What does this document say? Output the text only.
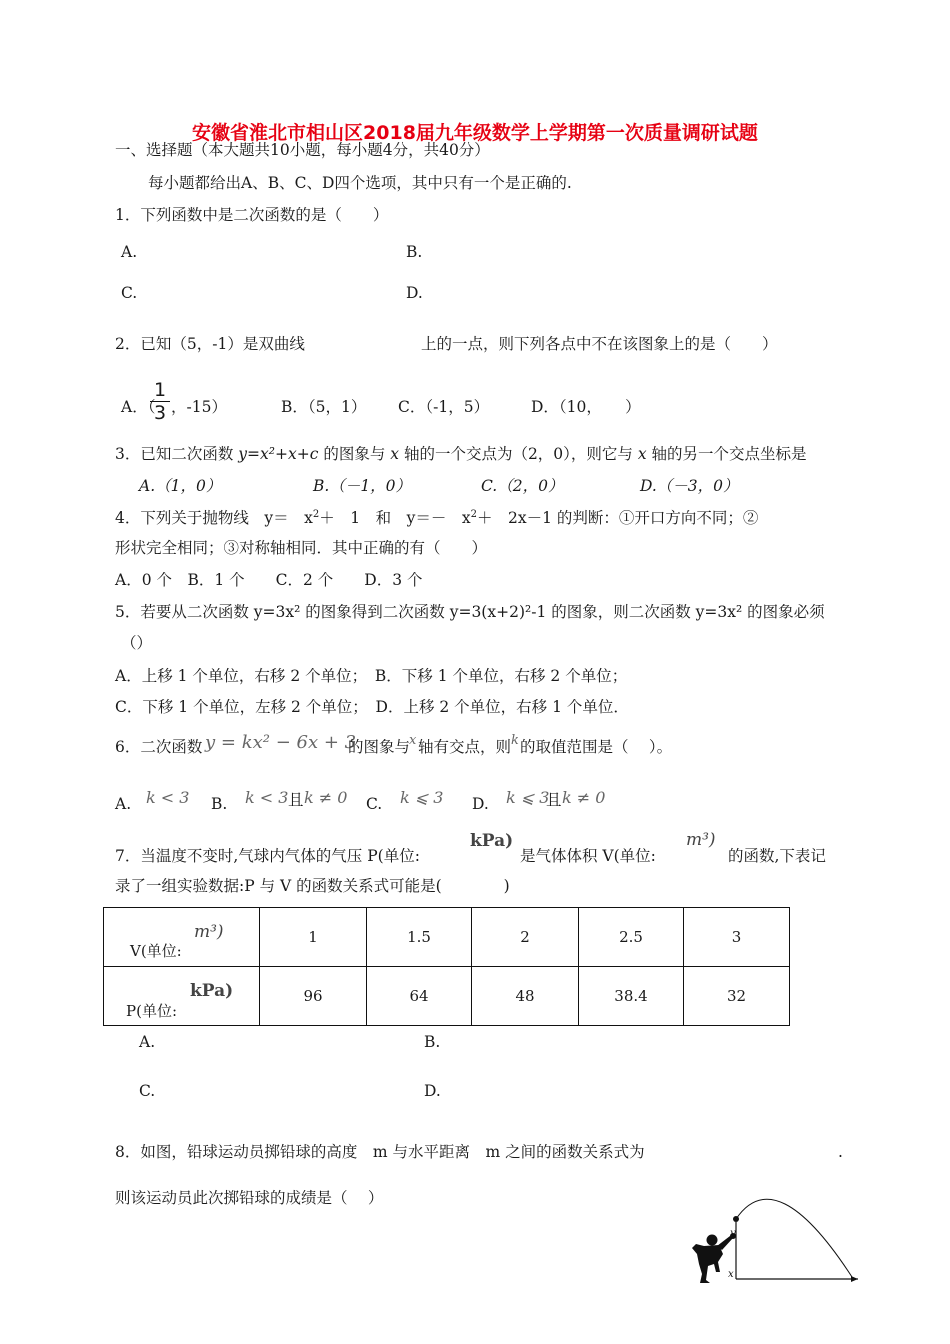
安徽省淮北市相山区2018届九年级数学上学期第一次质量调研试题
一、选择题（本大题共10小题，每小题4分，共40分）
每小题都给出A、B、C、D四个选项，其中只有一个是正确的.
1．下列函数中是二次函数的是（　　）
A.	B.
C.	D.
2．已知（5，-1）是双曲线	上的一点，则下列各点中不在该图象上的是（　　）
A．（
1
3 ，-15）	B．（5，1） C．（-1，5）	D．（10，　　）
3．已知二次函数 y=x²+x+c 的图象与 x 轴的一个交点为（2，0），则它与 x 轴的另一个交点坐标是
A.（1，0）	B.（－1，0）	C.（2，0）	D.（－3，0）
4．下列关于抛物线　y＝　$x^2+$　1　和　y＝－　$x^2+$　2x－1 的判断：①开口方向不同；②
形状完全相同；③对称轴相同．其中正确的有（　　）
A．0 个　B．1 个　　C．2 个　　D．3 个
5．若要从二次函数 y=3x² 的图象得到二次函数 y=3(x+2)²-1 的图象，则二次函数 y=3x² 的图象必须
（）
A．上移 1 个单位，右移 2 个单位；　B．下移 1 个单位，右移 2 个单位；
C．下移 1 个单位，左移 2 个单位；　D．上移 2 个单位，右移 1 个单位．
6．二次函数 y = kx² − 6x + 3
的图象与
x 轴有交点，则 k 的取值范围是（　 ）。
A. k < 3 B. k < 3 且 k ≠ 0 C. k ⩽ 3 D. k ⩽ 3
且 k ≠ 0
7．当温度不变时,气球内气体的气压 P(单位:
kPa)
是气体体积 V(单位:
m³)
的函数,下表记
录了一组实验数据:P 与 V 的函数关系式可能是(　　　　)
V(单位:
m³)	1	1.5	2	2.5	3

P(单位:
kPa)	96	64	48	38.4	32
A.	B.
C.	D.
8．如图，铅球运动员掷铅球的高度　m 与水平距离　m 之间的函数关系式为	.
则该运动员此次掷铅球的成绩是（　 ）
y
x
